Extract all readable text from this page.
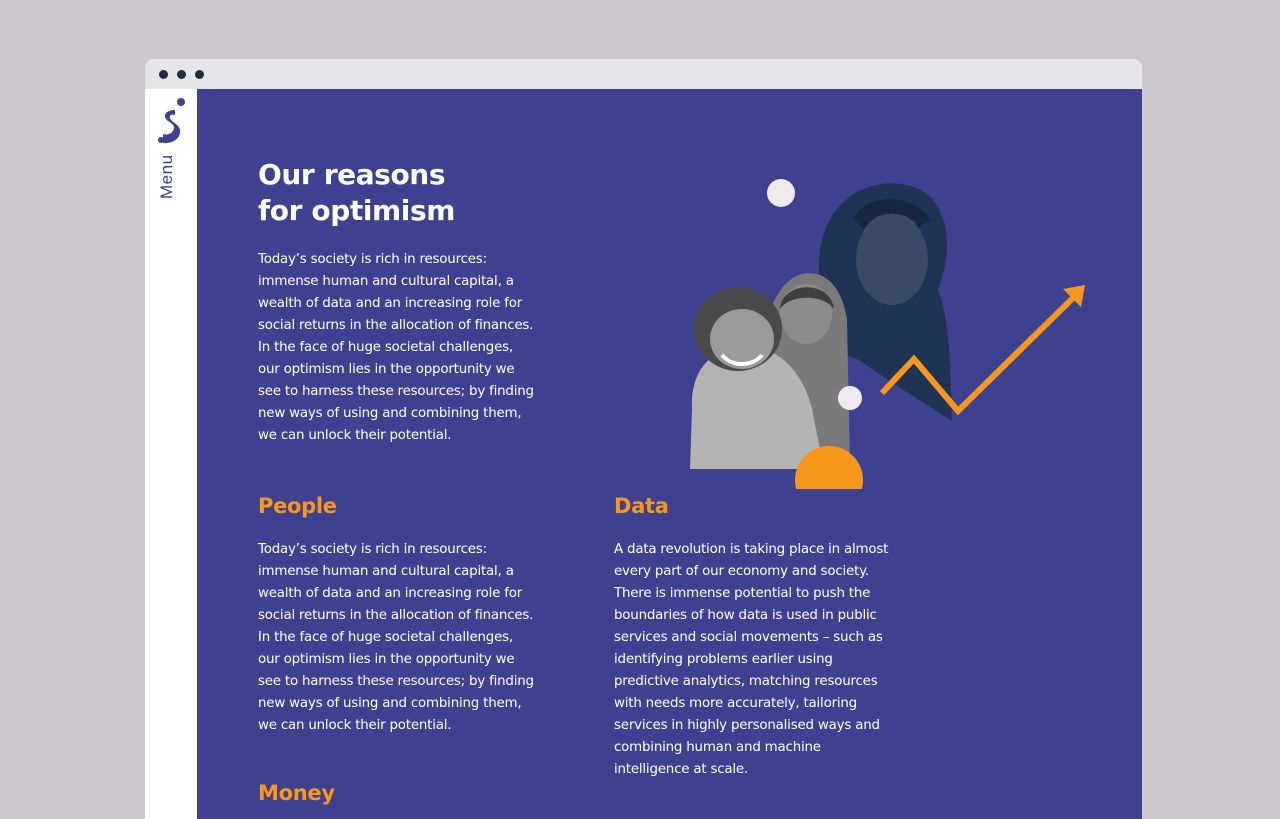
Menu	Our reasons
for optimism
Today’s society is rich in resources:
immense human and cultural capital, a
wealth of data and an increasing role for
social returns in the allocation of finances.
In the face of huge societal challenges,
our optimism lies in the opportunity we
see to harness these resources; by finding
new ways of using and combining them,
we can unlock their potential.
People
Today’s society is rich in resources:
immense human and cultural capital, a
wealth of data and an increasing role for
social returns in the allocation of finances.
In the face of huge societal challenges,
our optimism lies in the opportunity we
see to harness these resources; by finding
new ways of using and combining them,
we can unlock their potential.
Data
A data revolution is taking place in almost
every part of our economy and society.
There is immense potential to push the
boundaries of how data is used in public
services and social movements – such as
identifying problems earlier using
predictive analytics, matching resources
with needs more accurately, tailoring
services in highly personalised ways and
combining human and machine
intelligence at scale.
Money
